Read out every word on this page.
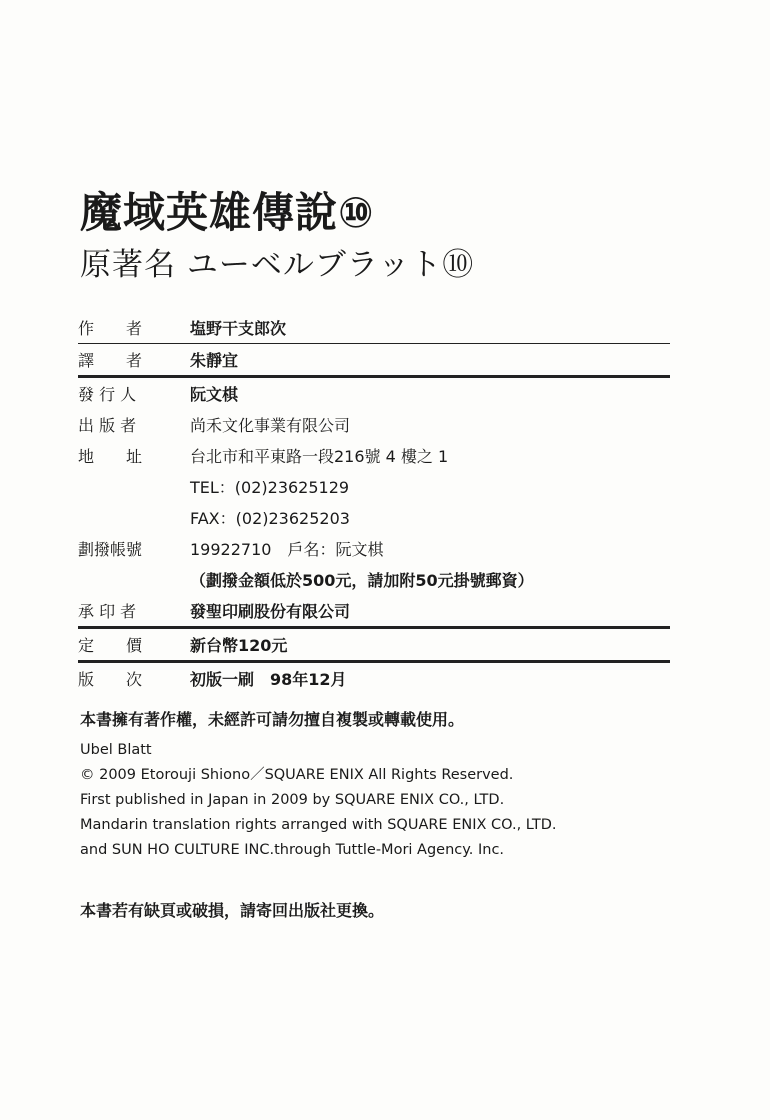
魔域英雄傳說⑩
原著名 ユーベルブラット⑩
作　　者	塩野干支郎次
譯　　者	朱靜宜
發 行 人	阮文棋
出 版 者	尚禾文化事業有限公司
地　　址	台北市和平東路一段216號 4 樓之 1
TEL：(02)23625129
FAX：(02)23625203
劃撥帳號	19922710　戶名：阮文棋
（劃撥金額低於500元，請加附50元掛號郵資）
承 印 者	發聖印刷股份有限公司
定　　價	新台幣120元
版　　次	初版一刷　98年12月
本書擁有著作權，未經許可請勿擅自複製或轉載使用。
Ubel Blatt
© 2009 Etorouji Shiono／SQUARE ENIX All Rights Reserved.
First published in Japan in 2009 by SQUARE ENIX CO., LTD.
Mandarin translation rights arranged with SQUARE ENIX CO., LTD.
and SUN HO CULTURE INC.through Tuttle-Mori Agency. Inc.
本書若有缺頁或破損，請寄回出版社更換。
